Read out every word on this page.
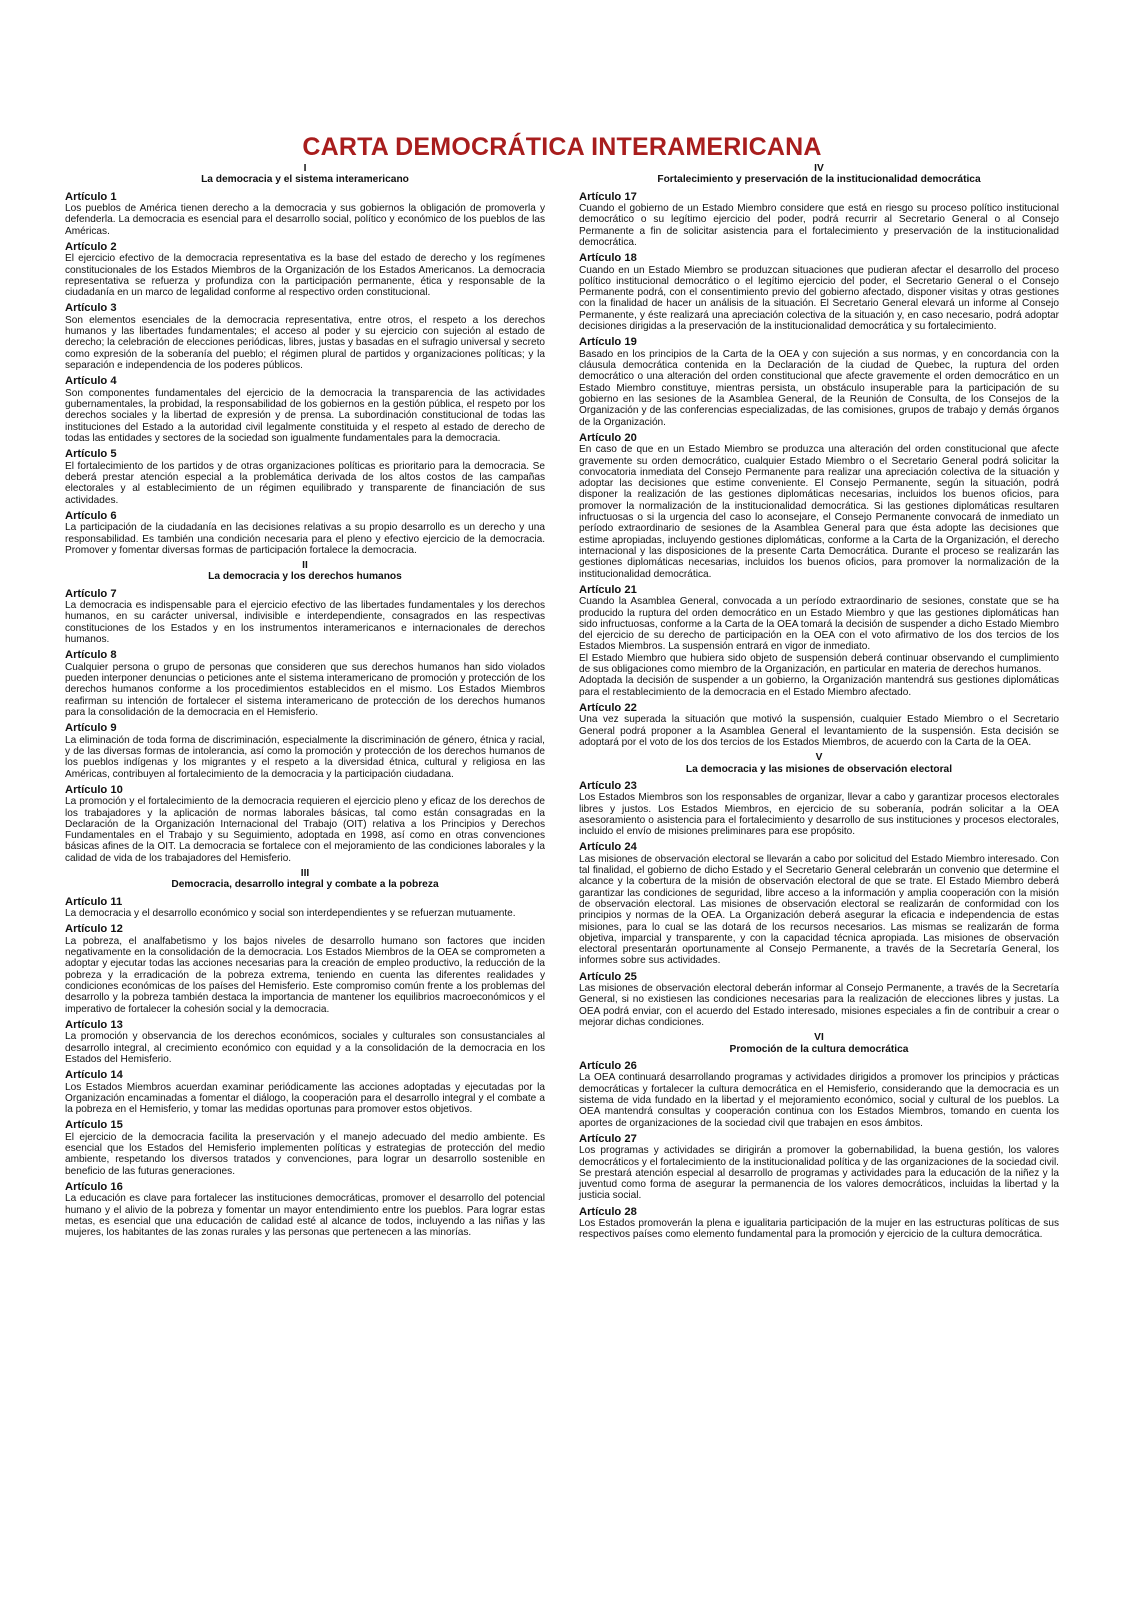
CARTA DEMOCRÁTICA INTERAMERICANA
I
La democracia y el sistema interamericano
Artículo 1

Los pueblos de América tienen derecho a la democracia y sus gobiernos la obligación de promoverla y defenderla. La democracia es esencial para el desarrollo social, político y económico de los pueblos de las Américas.

Artículo 2

El ejercicio efectivo de la democracia representativa es la base del estado de derecho y los regímenes constitucionales de los Estados Miembros de la Organización de los Estados Americanos. La democracia representativa se refuerza y profundiza con la participación permanente, ética y responsable de la ciudadanía en un marco de legalidad conforme al respectivo orden constitucional.

Artículo 3

Son elementos esenciales de la democracia representativa, entre otros, el respeto a los derechos humanos y las libertades fundamentales; el acceso al poder y su ejercicio con sujeción al estado de derecho; la celebración de elecciones periódicas, libres, justas y basadas en el sufragio universal y secreto como expresión de la soberanía del pueblo; el régimen plural de partidos y organizaciones políticas; y la separación e independencia de los poderes públicos.

Artículo 4

Son componentes fundamentales del ejercicio de la democracia la transparencia de las actividades gubernamentales, la probidad, la responsabilidad de los gobiernos en la gestión pública, el respeto por los derechos sociales y la libertad de expresión y de prensa. La subordinación constitucional de todas las instituciones del Estado a la autoridad civil legalmente constituida y el respeto al estado de derecho de todas las entidades y sectores de la sociedad son igualmente fundamentales para la democracia.

Artículo 5

El fortalecimiento de los partidos y de otras organizaciones políticas es prioritario para la democracia. Se deberá prestar atención especial a la problemática derivada de los altos costos de las campañas electorales y al establecimiento de un régimen equilibrado y transparente de financiación de sus actividades.

Artículo 6

La participación de la ciudadanía en las decisiones relativas a su propio desarrollo es un derecho y una responsabilidad. Es también una condición necesaria para el pleno y efectivo ejercicio de la democracia. Promover y fomentar diversas formas de participación fortalece la democracia.

II
La democracia y los derechos humanos
Artículo 7

La democracia es indispensable para el ejercicio efectivo de las libertades fundamentales y los derechos humanos, en su carácter universal, indivisible e interdependiente, consagrados en las respectivas constituciones de los Estados y en los instrumentos interamericanos e internacionales de derechos humanos.

Artículo 8

Cualquier persona o grupo de personas que consideren que sus derechos humanos han sido violados pueden interponer denuncias o peticiones ante el sistema interamericano de promoción y protección de los derechos humanos conforme a los procedimientos establecidos en el mismo. Los Estados Miembros reafirman su intención de fortalecer el sistema interamericano de protección de los derechos humanos para la consolidación de la democracia en el Hemisferio.

Artículo 9

La eliminación de toda forma de discriminación, especialmente la discriminación de género, étnica y racial, y de las diversas formas de intolerancia, así como la promoción y protección de los derechos humanos de los pueblos indígenas y los migrantes y el respeto a la diversidad étnica, cultural y religiosa en las Américas, contribuyen al fortalecimiento de la democracia y la participación ciudadana.

Artículo 10

La promoción y el fortalecimiento de la democracia requieren el ejercicio pleno y eficaz de los derechos de los trabajadores y la aplicación de normas laborales básicas, tal como están consagradas en la Declaración de la Organización Internacional del Trabajo (OIT) relativa a los Principios y Derechos Fundamentales en el Trabajo y su Seguimiento, adoptada en 1998, así como en otras convenciones básicas afines de la OIT. La democracia se fortalece con el mejoramiento de las condiciones laborales y la calidad de vida de los trabajadores del Hemisferio.

III
Democracia, desarrollo integral y combate a la pobreza
Artículo 11

La democracia y el desarrollo económico y social son interdependientes y se refuerzan mutuamente.

Artículo 12

La pobreza, el analfabetismo y los bajos niveles de desarrollo humano son factores que inciden negativamente en la consolidación de la democracia. Los Estados Miembros de la OEA se comprometen a adoptar y ejecutar todas las acciones necesarias para la creación de empleo productivo, la reducción de la pobreza y la erradicación de la pobreza extrema, teniendo en cuenta las diferentes realidades y condiciones económicas de los países del Hemisferio. Este compromiso común frente a los problemas del desarrollo y la pobreza también destaca la importancia de mantener los equilibrios macroeconómicos y el imperativo de fortalecer la cohesión social y la democracia.

Artículo 13

La promoción y observancia de los derechos económicos, sociales y culturales son consustanciales al desarrollo integral, al crecimiento económico con equidad y a la consolidación de la democracia en los Estados del Hemisferio.

Artículo 14

Los Estados Miembros acuerdan examinar periódicamente las acciones adoptadas y ejecutadas por la Organización encaminadas a fomentar el diálogo, la cooperación para el desarrollo integral y el combate a la pobreza en el Hemisferio, y tomar las medidas oportunas para promover estos objetivos.

Artículo 15

El ejercicio de la democracia facilita la preservación y el manejo adecuado del medio ambiente. Es esencial que los Estados del Hemisferio implementen políticas y estrategias de protección del medio ambiente, respetando los diversos tratados y convenciones, para lograr un desarrollo sostenible en beneficio de las futuras generaciones.

Artículo 16

La educación es clave para fortalecer las instituciones democráticas, promover el desarrollo del potencial humano y el alivio de la pobreza y fomentar un mayor entendimiento entre los pueblos. Para lograr estas metas, es esencial que una educación de calidad esté al alcance de todos, incluyendo a las niñas y las mujeres, los habitantes de las zonas rurales y las personas que pertenecen a las minorías.

IV
Fortalecimiento y preservación de la institucionalidad democrática
Artículo 17

Cuando el gobierno de un Estado Miembro considere que está en riesgo su proceso político institucional democrático o su legítimo ejercicio del poder, podrá recurrir al Secretario General o al Consejo Permanente a fin de solicitar asistencia para el fortalecimiento y preservación de la institucionalidad democrática.

Artículo 18

Cuando en un Estado Miembro se produzcan situaciones que pudieran afectar el desarrollo del proceso político institucional democrático o el legítimo ejercicio del poder, el Secretario General o el Consejo Permanente podrá, con el consentimiento previo del gobierno afectado, disponer visitas y otras gestiones con la finalidad de hacer un análisis de la situación. El Secretario General elevará un informe al Consejo Permanente, y éste realizará una apreciación colectiva de la situación y, en caso necesario, podrá adoptar decisiones dirigidas a la preservación de la institucionalidad democrática y su fortalecimiento.

Artículo 19

Basado en los principios de la Carta de la OEA y con sujeción a sus normas, y en concordancia con la cláusula democrática contenida en la Declaración de la ciudad de Quebec, la ruptura del orden democrático o una alteración del orden constitucional que afecte gravemente el orden democrático en un Estado Miembro constituye, mientras persista, un obstáculo insuperable para la participación de su gobierno en las sesiones de la Asamblea General, de la Reunión de Consulta, de los Consejos de la Organización y de las conferencias especializadas, de las comisiones, grupos de trabajo y demás órganos de la Organización.

Artículo 20

En caso de que en un Estado Miembro se produzca una alteración del orden constitucional que afecte gravemente su orden democrático, cualquier Estado Miembro o el Secretario General podrá solicitar la convocatoria inmediata del Consejo Permanente para realizar una apreciación colectiva de la situación y adoptar las decisiones que estime conveniente. El Consejo Permanente, según la situación, podrá disponer la realización de las gestiones diplomáticas necesarias, incluidos los buenos oficios, para promover la normalización de la institucionalidad democrática. Si las gestiones diplomáticas resultaren infructuosas o si la urgencia del caso lo aconsejare, el Consejo Permanente convocará de inmediato un período extraordinario de sesiones de la Asamblea General para que ésta adopte las decisiones que estime apropiadas, incluyendo gestiones diplomáticas, conforme a la Carta de la Organización, el derecho internacional y las disposiciones de la presente Carta Democrática. Durante el proceso se realizarán las gestiones diplomáticas necesarias, incluidos los buenos oficios, para promover la normalización de la institucionalidad democrática.

Artículo 21

Cuando la Asamblea General, convocada a un período extraordinario de sesiones, constate que se ha producido la ruptura del orden democrático en un Estado Miembro y que las gestiones diplomáticas han sido infructuosas, conforme a la Carta de la OEA tomará la decisión de suspender a dicho Estado Miembro del ejercicio de su derecho de participación en la OEA con el voto afirmativo de los dos tercios de los Estados Miembros. La suspensión entrará en vigor de inmediato.

El Estado Miembro que hubiera sido objeto de suspensión deberá continuar observando el cumplimiento de sus obligaciones como miembro de la Organización, en particular en materia de derechos humanos.

Adoptada la decisión de suspender a un gobierno, la Organización mantendrá sus gestiones diplomáticas para el restablecimiento de la democracia en el Estado Miembro afectado.

Artículo 22

Una vez superada la situación que motivó la suspensión, cualquier Estado Miembro o el Secretario General podrá proponer a la Asamblea General el levantamiento de la suspensión. Esta decisión se adoptará por el voto de los dos tercios de los Estados Miembros, de acuerdo con la Carta de la OEA.

V
La democracia y las misiones de observación electoral
Artículo 23

Los Estados Miembros son los responsables de organizar, llevar a cabo y garantizar procesos electorales libres y justos. Los Estados Miembros, en ejercicio de su soberanía, podrán solicitar a la OEA asesoramiento o asistencia para el fortalecimiento y desarrollo de sus instituciones y procesos electorales, incluido el envío de misiones preliminares para ese propósito.

Artículo 24

Las misiones de observación electoral se llevarán a cabo por solicitud del Estado Miembro interesado. Con tal finalidad, el gobierno de dicho Estado y el Secretario General celebrarán un convenio que determine el alcance y la cobertura de la misión de observación electoral de que se trate. El Estado Miembro deberá garantizar las condiciones de seguridad, libre acceso a la información y amplia cooperación con la misión de observación electoral. Las misiones de observación electoral se realizarán de conformidad con los principios y normas de la OEA. La Organización deberá asegurar la eficacia e independencia de estas misiones, para lo cual se las dotará de los recursos necesarios. Las mismas se realizarán de forma objetiva, imparcial y transparente, y con la capacidad técnica apropiada. Las misiones de observación electoral presentarán oportunamente al Consejo Permanente, a través de la Secretaría General, los informes sobre sus actividades.

Artículo 25

Las misiones de observación electoral deberán informar al Consejo Permanente, a través de la Secretaría General, si no existiesen las condiciones necesarias para la realización de elecciones libres y justas. La OEA podrá enviar, con el acuerdo del Estado interesado, misiones especiales a fin de contribuir a crear o mejorar dichas condiciones.

VI
Promoción de la cultura democrática
Artículo 26

La OEA continuará desarrollando programas y actividades dirigidos a promover los principios y prácticas democráticas y fortalecer la cultura democrática en el Hemisferio, considerando que la democracia es un sistema de vida fundado en la libertad y el mejoramiento económico, social y cultural de los pueblos. La OEA mantendrá consultas y cooperación continua con los Estados Miembros, tomando en cuenta los aportes de organizaciones de la sociedad civil que trabajen en esos ámbitos.

Artículo 27

Los programas y actividades se dirigirán a promover la gobernabilidad, la buena gestión, los valores democráticos y el fortalecimiento de la institucionalidad política y de las organizaciones de la sociedad civil. Se prestará atención especial al desarrollo de programas y actividades para la educación de la niñez y la juventud como forma de asegurar la permanencia de los valores democráticos, incluidas la libertad y la justicia social.

Artículo 28

Los Estados promoverán la plena e igualitaria participación de la mujer en las estructuras políticas de sus respectivos países como elemento fundamental para la promoción y ejercicio de la cultura democrática.
